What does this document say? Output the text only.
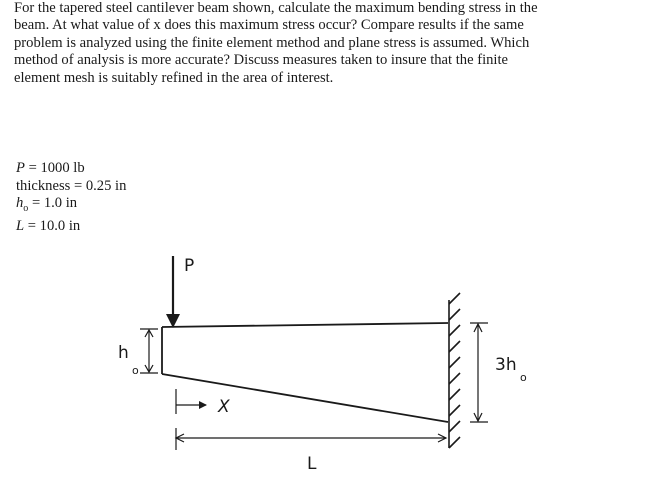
For the tapered steel cantilever beam shown, calculate the maximum bending stress in the
beam. At what value of x does this maximum stress occur? Compare results if the same
problem is analyzed using the finite element method and plane stress is assumed. Which
method of analysis is more accurate? Discuss measures taken to insure that the finite
element mesh is suitably refined in the area of interest.
P = 1000 lb
thickness = 0.25 in
$h_o = 1.0$ in
L = 10.0 in
P
h
o	3h
o
X
L
